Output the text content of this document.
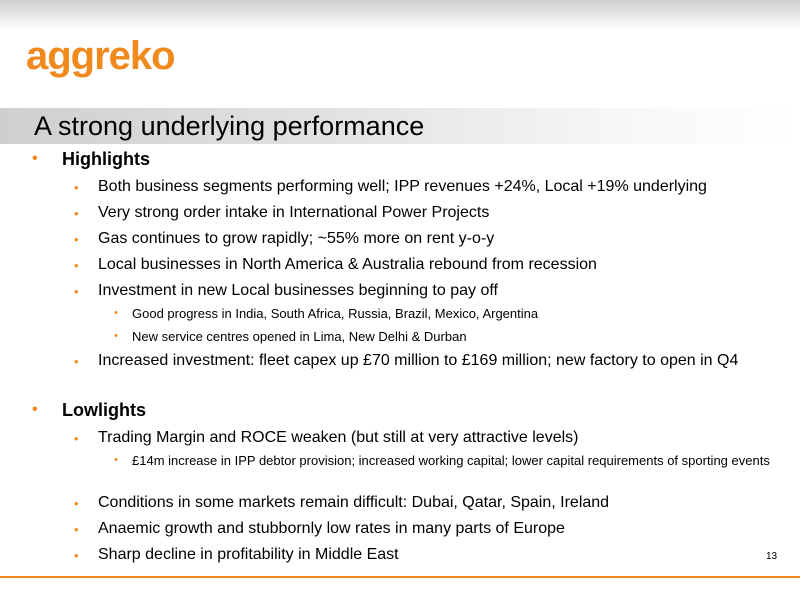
aggreko
A strong underlying performance
• Highlights
• Both business segments performing well; IPP revenues +24%, Local +19% underlying
• Very strong order intake in International Power Projects
• Gas continues to grow rapidly; ~55% more on rent y-o-y
• Local businesses in North America & Australia rebound from recession
• Investment in new Local businesses beginning to pay off
• Good progress in India, South Africa, Russia, Brazil, Mexico, Argentina
• New service centres opened in Lima, New Delhi & Durban
• Increased investment: fleet capex up £70 million to £169 million; new factory to open in Q4
• Lowlights
• Trading Margin and ROCE weaken (but still at very attractive levels)
• £14m increase in IPP debtor provision; increased working capital; lower capital requirements of sporting events
• Conditions in some markets remain difficult: Dubai, Qatar, Spain, Ireland
• Anaemic growth and stubbornly low rates in many parts of Europe
• Sharp decline in profitability in Middle East	13
